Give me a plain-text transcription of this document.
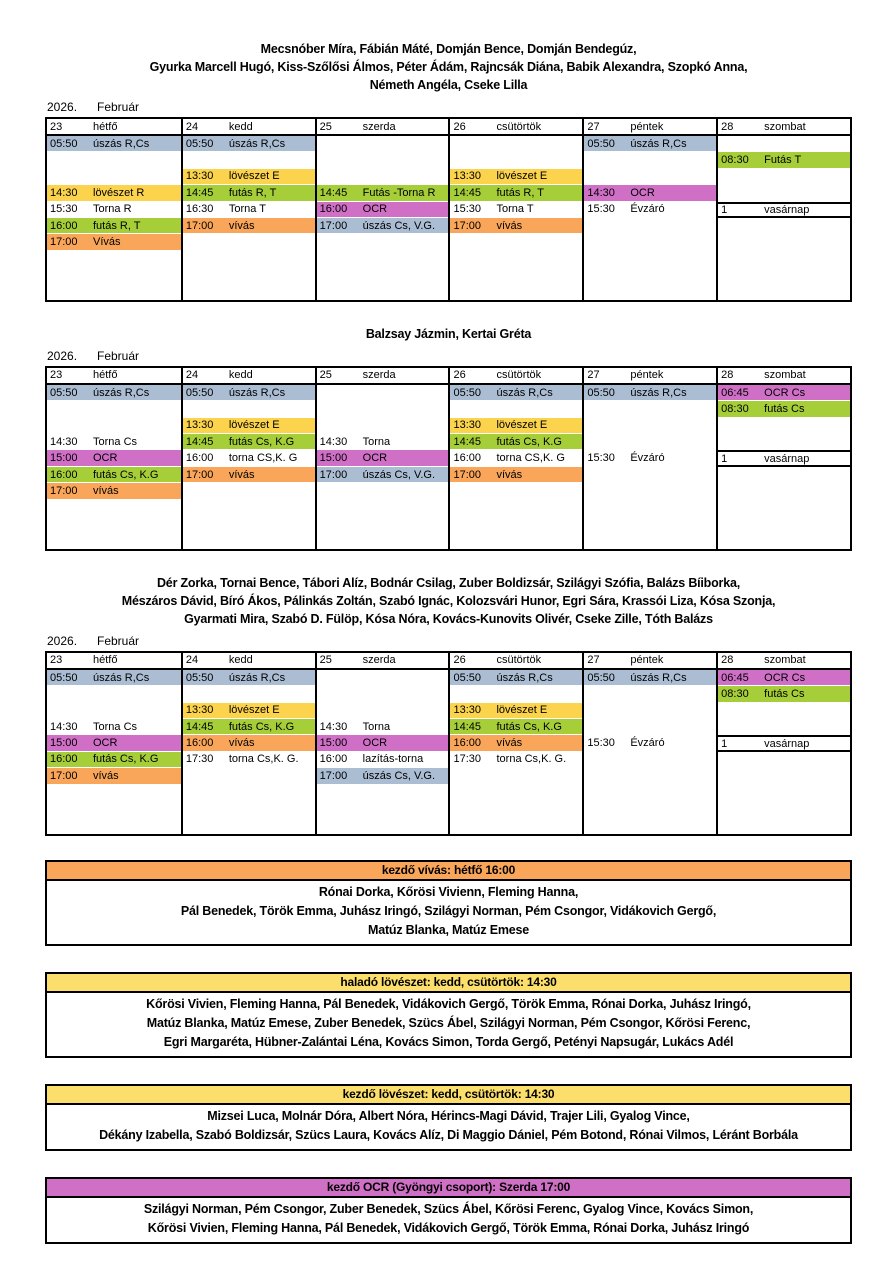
Mecsnóber Míra, Fábián Máté, Domján Bence, Domján Bendegúz,
Gyurka Marcell Hugó, Kiss-Szőlősi Álmos, Péter Ádám, Rajncsák Diána, Babik Alexandra, Szopkó Anna,
Németh Angéla, Cseke Lilla
2026.	Február
23	hétfő
05:50	úszás R,Cs
14:30	lövészet R
15:30	Torna R
16:00	futás R, T
17:00	Vívás
24	kedd
05:50	úszás R,Cs
13:30	lövészet E
14:45	futás R, T
16:30	Torna T
17:00	vívás
25	szerda
14:45	Futás -Torna R
16:00	OCR
17:00	úszás Cs, V.G.
26	csütörtök
13:30	lövészet E
14:45	futás R, T
15:30	Torna T
17:00	vívás
27	péntek
05:50	úszás R,Cs
14:30	OCR
15:30	Évzáró
28	szombat
08:30	Futás T
1	vasárnap
Balzsay Jázmin, Kertai Gréta
2026.	Február
23	hétfő
05:50	úszás R,Cs
14:30	Torna Cs
15:00	OCR
16:00	futás Cs, K.G
17:00	vívás
24	kedd
05:50	úszás R,Cs
13:30	lövészet E
14:45	futás Cs, K.G
16:00	torna CS,K. G
17:00	vívás
25	szerda
14:30	Torna
15:00	OCR
17:00	úszás Cs, V.G.
26	csütörtök
05:50	úszás R,Cs
13:30	lövészet E
14:45	futás Cs, K.G
16:00	torna CS,K. G
17:00	vívás
27	péntek
05:50	úszás R,Cs
15:30	Évzáró
28	szombat
06:45	OCR Cs
08:30	futás Cs
1	vasárnap
Dér Zorka, Tornai Bence, Tábori Alíz, Bodnár Csilag, Zuber Boldizsár, Szilágyi Szófia, Balázs Bíiborka,
Mészáros Dávid, Bíró Ákos, Pálinkás Zoltán, Szabó Ignác, Kolozsvári Hunor, Egri Sára, Krassói Liza, Kósa Szonja,
Gyarmati Mira, Szabó D. Fülöp, Kósa Nóra, Kovács-Kunovits Olivér, Cseke Zille, Tóth Balázs
2026.	Február
23	hétfő
05:50	úszás R,Cs
14:30	Torna Cs
15:00	OCR
16:00	futás Cs, K.G
17:00	vívás
24	kedd
05:50	úszás R,Cs
13:30	lövészet E
14:45	futás Cs, K.G
16:00	vívás
17:30	torna Cs,K. G.
25	szerda
14:30	Torna
15:00	OCR
16:00	lazítás-torna
17:00	úszás Cs, V.G.
26	csütörtök
05:50	úszás R,Cs
13:30	lövészet E
14:45	futás Cs, K.G
16:00	vívás
17:30	torna Cs,K. G.
27	péntek
05:50	úszás R,Cs
15:30	Évzáró
28	szombat
06:45	OCR Cs
08:30	futás Cs
1	vasárnap
kezdő vívás: hétfő 16:00
Rónai Dorka, Kőrösi Vivienn, Fleming Hanna,
Pál Benedek, Török Emma, Juhász Iringó, Szilágyi Norman, Pém Csongor, Vidákovich Gergő,
Matúz Blanka, Matúz Emese
haladó lövészet: kedd, csütörtök: 14:30
Kőrösi Vivien, Fleming Hanna, Pál Benedek, Vidákovich Gergő, Török Emma, Rónai Dorka, Juhász Iringó,
Matúz Blanka, Matúz Emese, Zuber Benedek, Szücs Ábel, Szilágyi Norman, Pém Csongor, Kőrösi Ferenc,
Egri Margaréta, Hübner-Zalántai Léna, Kovács Simon, Torda Gergő, Petényi Napsugár, Lukács Adél
kezdő lövészet: kedd, csütörtök: 14:30
Mizsei Luca, Molnár Dóra, Albert Nóra, Hérincs-Magi Dávid, Trajer Lili, Gyalog Vince,
Dékány Izabella, Szabó Boldizsár, Szücs Laura, Kovács Alíz, Di Maggio Dániel, Pém Botond, Rónai Vilmos, Léránt Borbála
kezdő OCR (Gyöngyi csoport): Szerda 17:00
Szilágyi Norman, Pém Csongor, Zuber Benedek, Szücs Ábel, Kőrösi Ferenc, Gyalog Vince, Kovács Simon,
Kőrösi Vivien, Fleming Hanna, Pál Benedek, Vidákovich Gergő, Török Emma, Rónai Dorka, Juhász Iringó
